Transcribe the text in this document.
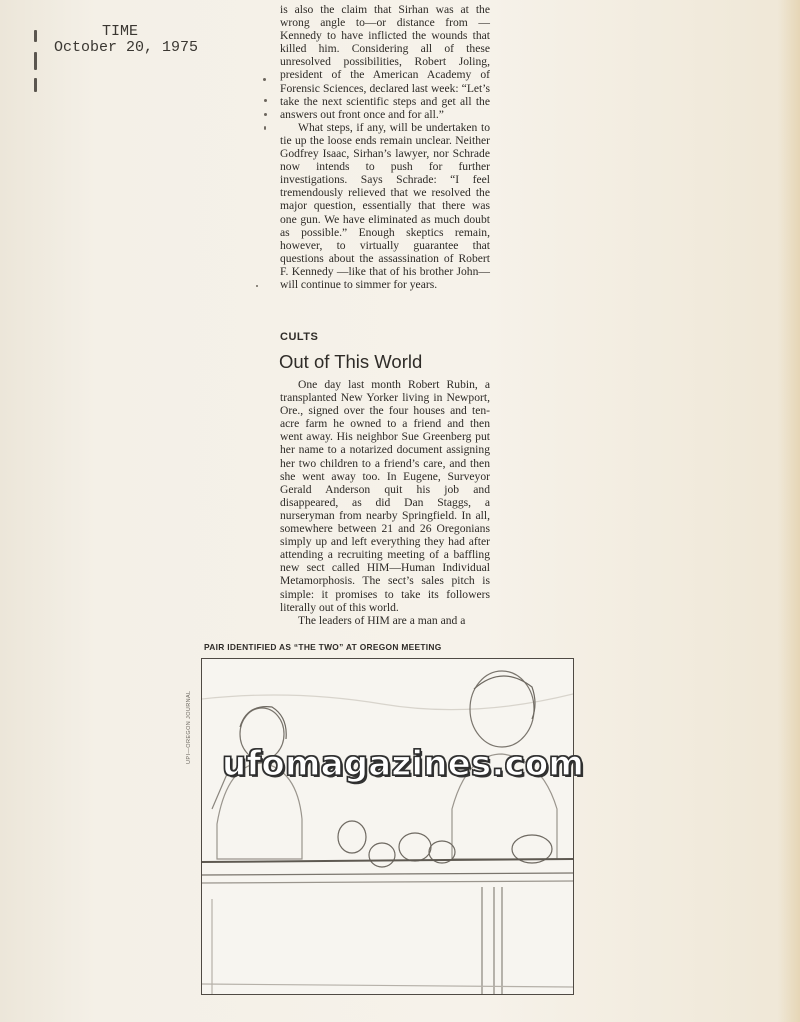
TIME
October 20, 1975

is also the claim that Sirhan was at the wrong angle to—or distance from —Kennedy to have inflicted the wounds that killed him. Considering all of these unresolved possibilities, Robert Joling, president of the American Academy of Forensic Sciences, declared last week: “Let’s take the next scientific steps and get all the answers out front once and for all.”

What steps, if any, will be undertaken to tie up the loose ends remain unclear. Neither Godfrey Isaac, Sirhan’s lawyer, nor Schrade now intends to push for further investigations. Says Schrade: “I feel tremendously relieved that we resolved the major question, essentially that there was one gun. We have eliminated as much doubt as possible.” Enough skeptics remain, however, to virtually guarantee that questions about the assassination of Robert F. Kennedy —like that of his brother John—will continue to simmer for years.

CULTS
Out of This World

One day last month Robert Rubin, a transplanted New Yorker living in Newport, Ore., signed over the four houses and ten-acre farm he owned to a friend and then went away. His neighbor Sue Greenberg put her name to a notarized document assigning her two children to a friend’s care, and then she went away too. In Eugene, Surveyor Gerald Anderson quit his job and disappeared, as did Dan Staggs, a nurseryman from nearby Springfield. In all, somewhere between 21 and 26 Oregonians simply up and left everything they had after attending a recruiting meeting of a baffling new sect called HIM—Human Individual Metamorphosis. The sect’s sales pitch is simple: it promises to take its followers literally out of this world.

The leaders of HIM are a man and a

PAIR IDENTIFIED AS “THE TWO” AT OREGON MEETING
UPI—OREGON JOURNAL ufomagazines.com
